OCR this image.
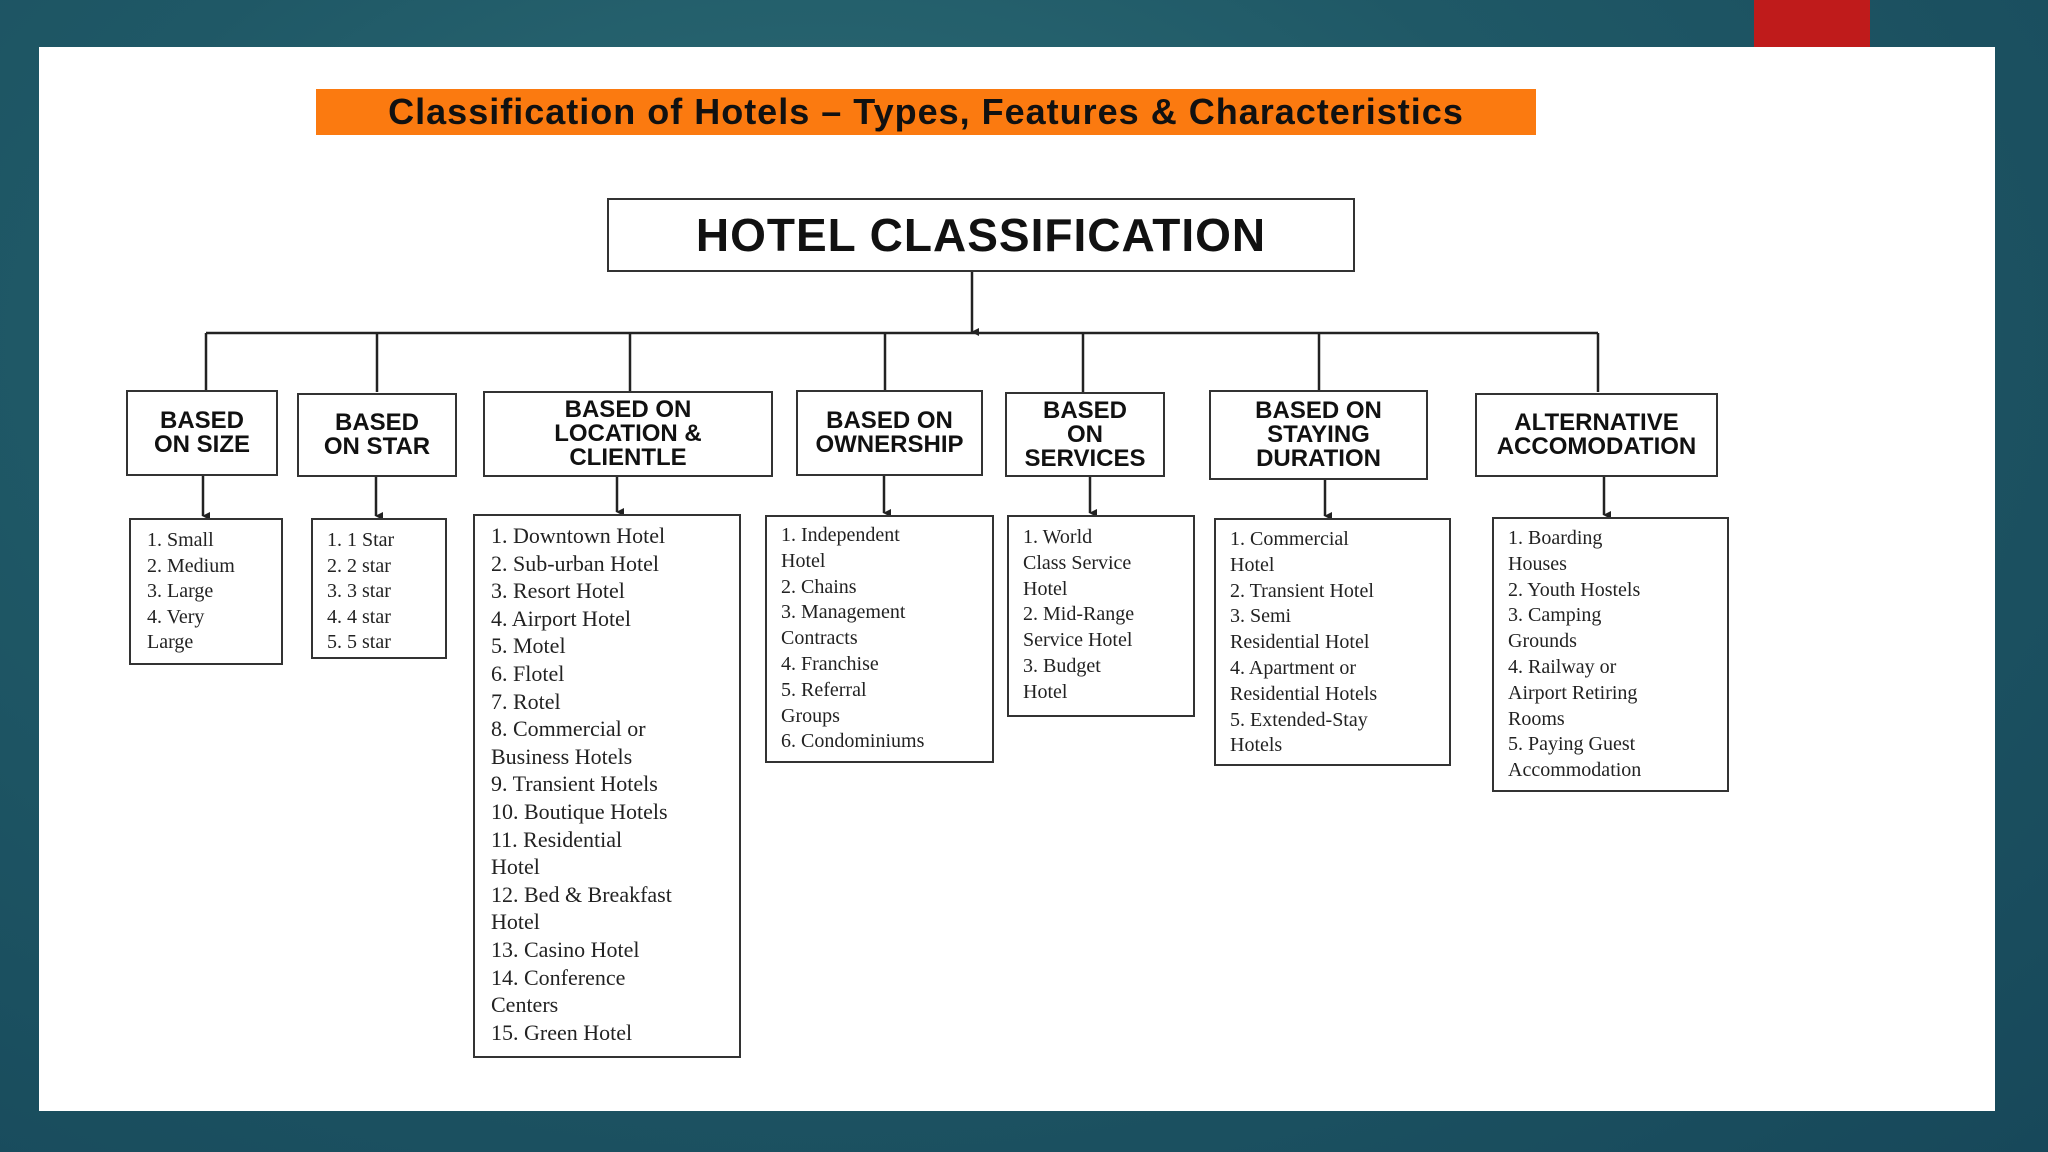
Classification of Hotels – Types, Features & Characteristics
HOTEL CLASSIFICATION
BASED
ON SIZE
BASED
ON STAR
BASED ON
LOCATION &
CLIENTLE
BASED ON
OWNERSHIP
BASED
ON
SERVICES
BASED ON
STAYING
DURATION
ALTERNATIVE
ACCOMODATION
1. Small
2. Medium
3. Large
4. Very
Large
1. 1 Star
2. 2 star
3. 3 star
4. 4 star
5. 5 star
1. Downtown Hotel
2. Sub-urban Hotel
3. Resort Hotel
4. Airport Hotel
5. Motel
6. Flotel
7. Rotel
8. Commercial or
Business Hotels
9. Transient Hotels
10. Boutique Hotels
11. Residential
Hotel
12. Bed & Breakfast
Hotel
13. Casino Hotel
14. Conference
Centers
15. Green Hotel
1. Independent
Hotel
2. Chains
3. Management
Contracts
4. Franchise
5. Referral
Groups
6. Condominiums
1. World
Class Service
Hotel
2. Mid-Range
Service Hotel
3. Budget
Hotel
1. Commercial
Hotel
2. Transient Hotel
3. Semi
Residential Hotel
4. Apartment or
Residential Hotels
5. Extended-Stay
Hotels
1. Boarding
Houses
2. Youth Hostels
3. Camping
Grounds
4. Railway or
Airport Retiring
Rooms
5. Paying Guest
Accommodation
